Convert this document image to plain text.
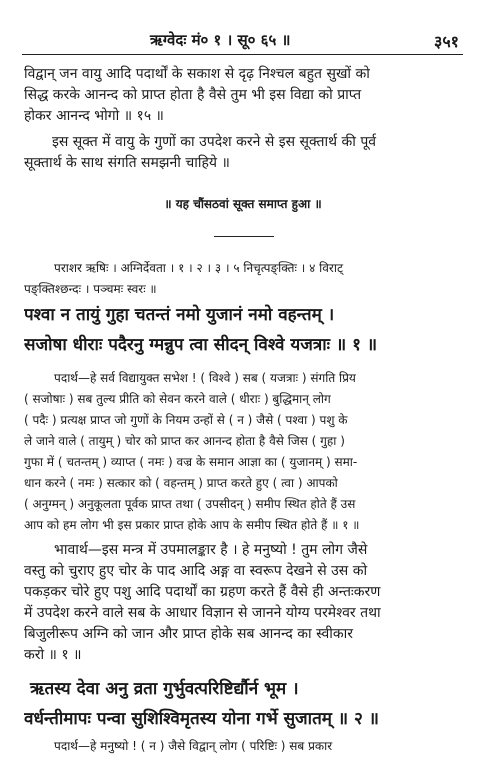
ऋग्वेदः मं० १ । सू० ६५ ॥	३५१
विद्वान् जन वायु आदि पदार्थों के सकाश से दृढ़ निश्चल बहुत सुखों को
सिद्ध करके आनन्द को प्राप्त होता है वैसे तुम भी इस विद्या को प्राप्त
होकर आनन्द भोगो ॥ १५ ॥
इस सूक्त में वायु के गुणों का उपदेश करने से इस सूक्तार्थ की पूर्व
सूक्तार्थ के साथ संगति समझनी चाहिये ॥
॥ यह चौंसठवां सूक्त समाप्त हुआ ॥
पराशर ऋषिः । अग्निर्देवता । १ । २ । ३ । ५ निचृत्पङ्क्तिः । ४ विराट्
पङ्क्तिश्छन्दः । पञ्चमः स्वरः ॥
पश्वा न तायुं गुहा चतन्तं नमो युजानं नमो वहन्तम् ।
सजोषा धीराः पदैरनु ग्मन्नुप त्वा सीदन् विश्वे यजत्राः ॥ १ ॥
पदार्थ—हे सर्व विद्यायुक्त सभेश ! ( विश्वे ) सब ( यजत्राः ) संगति प्रिय
( सजोषाः ) सब तुल्य प्रीति को सेवन करने वाले ( धीराः ) बुद्धिमान् लोग
( पदैः ) प्रत्यक्ष प्राप्त जो गुणों के नियम उन्हों से ( न ) जैसे ( पश्वा ) पशु के
ले जाने वाले ( तायुम् ) चोर को प्राप्त कर आनन्द होता है वैसे जिस ( गुहा )
गुफा में ( चतन्तम् ) व्याप्त ( नमः ) वज्र के समान आज्ञा का ( युजानम् ) समा-
धान करने ( नमः ) सत्कार को ( वहन्तम् ) प्राप्त करते हुए ( त्वा ) आपको
( अनुग्मन् ) अनुकूलता पूर्वक प्राप्त तथा ( उपसीदन् ) समीप स्थित होते हैं उस
आप को हम लोग भी इस प्रकार प्राप्त होके आप के समीप स्थित होते हैं ॥ १ ॥
भावार्थ—इस मन्त्र में उपमालङ्कार है । हे मनुष्यो ! तुम लोग जैसे
वस्तु को चुराए हुए चोर के पाद आदि अङ्ग वा स्वरूप देखने से उस को
पकड़कर चोरे हुए पशु आदि पदार्थों का ग्रहण करते हैं वैसे ही अन्तःकरण
में उपदेश करने वाले सब के आधार विज्ञान से जानने योग्य परमेश्वर तथा
बिजुलीरूप अग्नि को जान और प्राप्त होके सब आनन्द का स्वीकार
करो ॥ १ ॥
ऋतस्य देवा अनु व्रता गुर्भुवत्परिष्टिर्द्यौर्न भूम ।
वर्धन्तीमापः पन्वा सुशिश्विमृतस्य योना गर्भे सुजातम् ॥ २ ॥
पदार्थ—हे मनुष्यो ! ( न ) जैसे विद्वान् लोग ( परिष्टिः ) सब प्रकार
